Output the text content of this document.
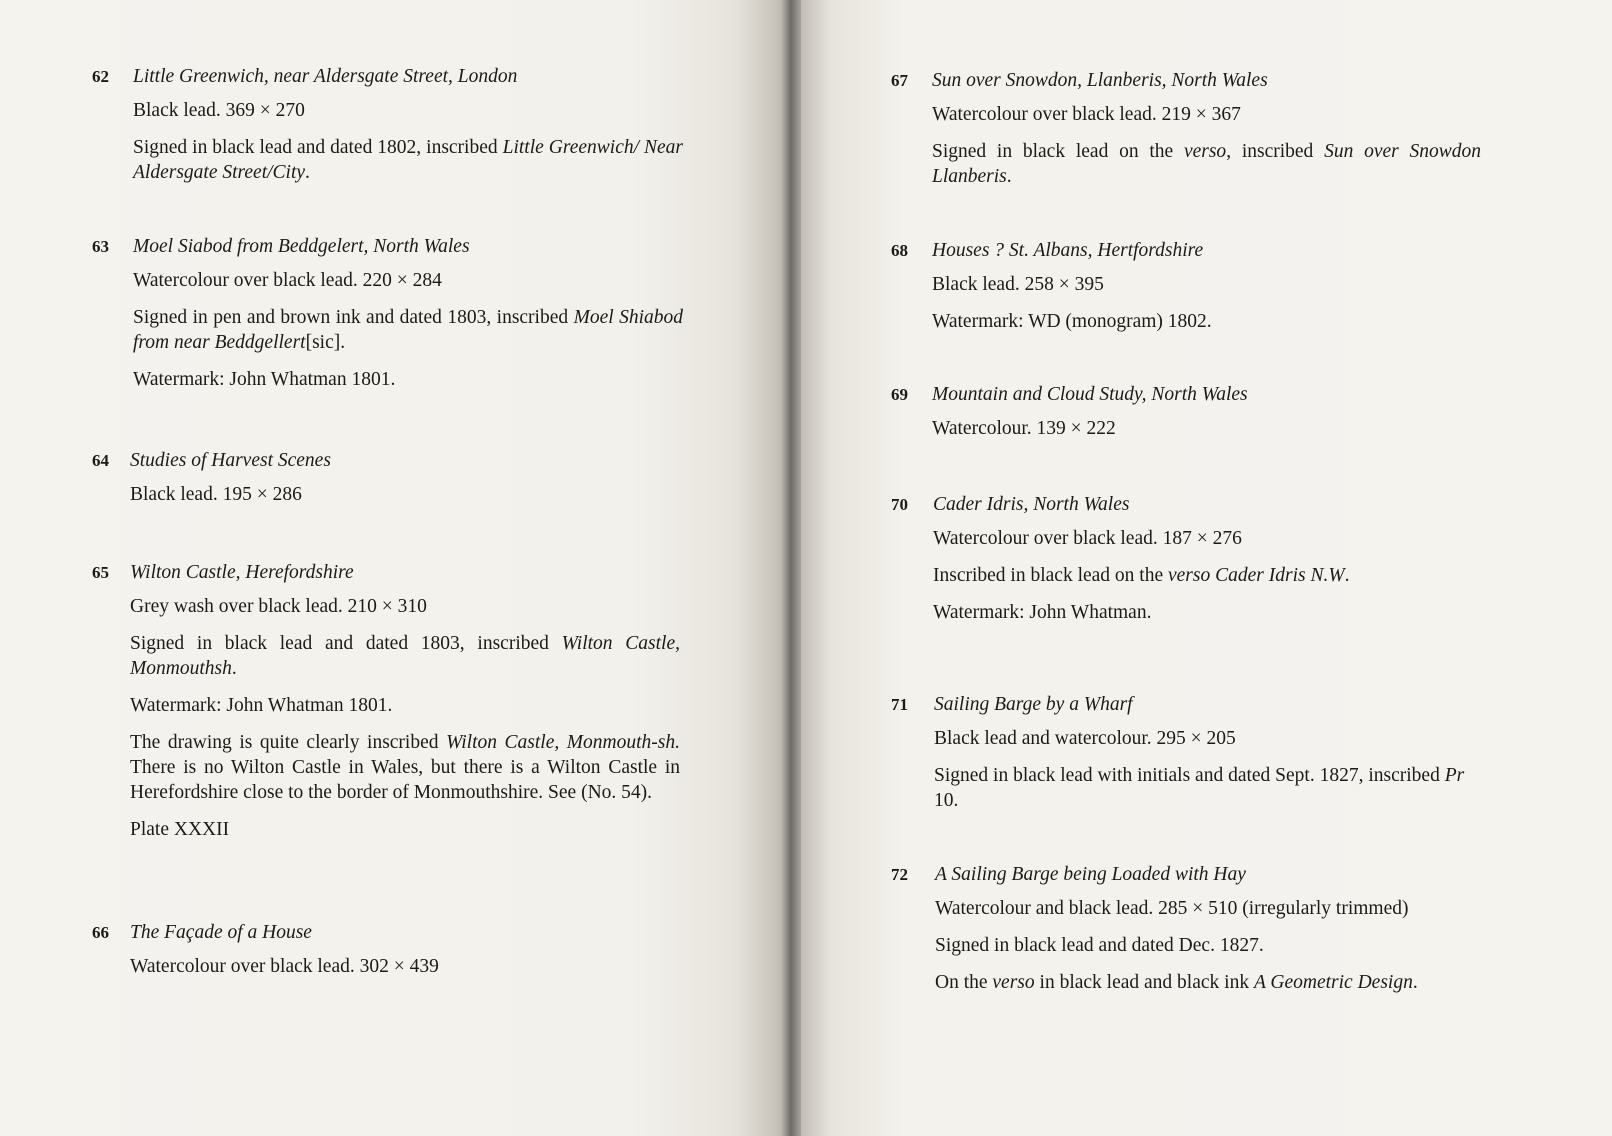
62 Little Greenwich, near Aldersgate Street, London

Black lead. 369 × 270

Signed in black lead and dated 1802, inscribed Little Greenwich/ Near Aldersgate Street/City.

63 Moel Siabod from Beddgelert, North Wales

Watercolour over black lead. 220 × 284

Signed in pen and brown ink and dated 1803, inscribed Moel Shiabod from near Beddgellert[sic].

Watermark: John Whatman 1801.

64 Studies of Harvest Scenes

Black lead. 195 × 286

65 Wilton Castle, Herefordshire

Grey wash over black lead. 210 × 310

Signed in black lead and dated 1803, inscribed Wilton Castle, Monmouthsh.

Watermark: John Whatman 1801.

The drawing is quite clearly inscribed Wilton Castle, Monmouth-sh. There is no Wilton Castle in Wales, but there is a Wilton Castle in Herefordshire close to the border of Monmouthshire. See (No. 54).

Plate XXXII

66 The Façade of a House

Watercolour over black lead. 302 × 439

67 Sun over Snowdon, Llanberis, North Wales

Watercolour over black lead. 219 × 367

Signed in black lead on the verso, inscribed Sun over Snowdon Llanberis.

68 Houses ? St. Albans, Hertfordshire

Black lead. 258 × 395

Watermark: WD (monogram) 1802.

69 Mountain and Cloud Study, North Wales

Watercolour. 139 × 222

70 Cader Idris, North Wales

Watercolour over black lead. 187 × 276

Inscribed in black lead on the verso Cader Idris N.W.

Watermark: John Whatman.

71 Sailing Barge by a Wharf

Black lead and watercolour. 295 × 205

Signed in black lead with initials and dated Sept. 1827, inscribed Pr 10.

72 A Sailing Barge being Loaded with Hay

Watercolour and black lead. 285 × 510 (irregularly trimmed)

Signed in black lead and dated Dec. 1827.

On the verso in black lead and black ink A Geometric Design.
